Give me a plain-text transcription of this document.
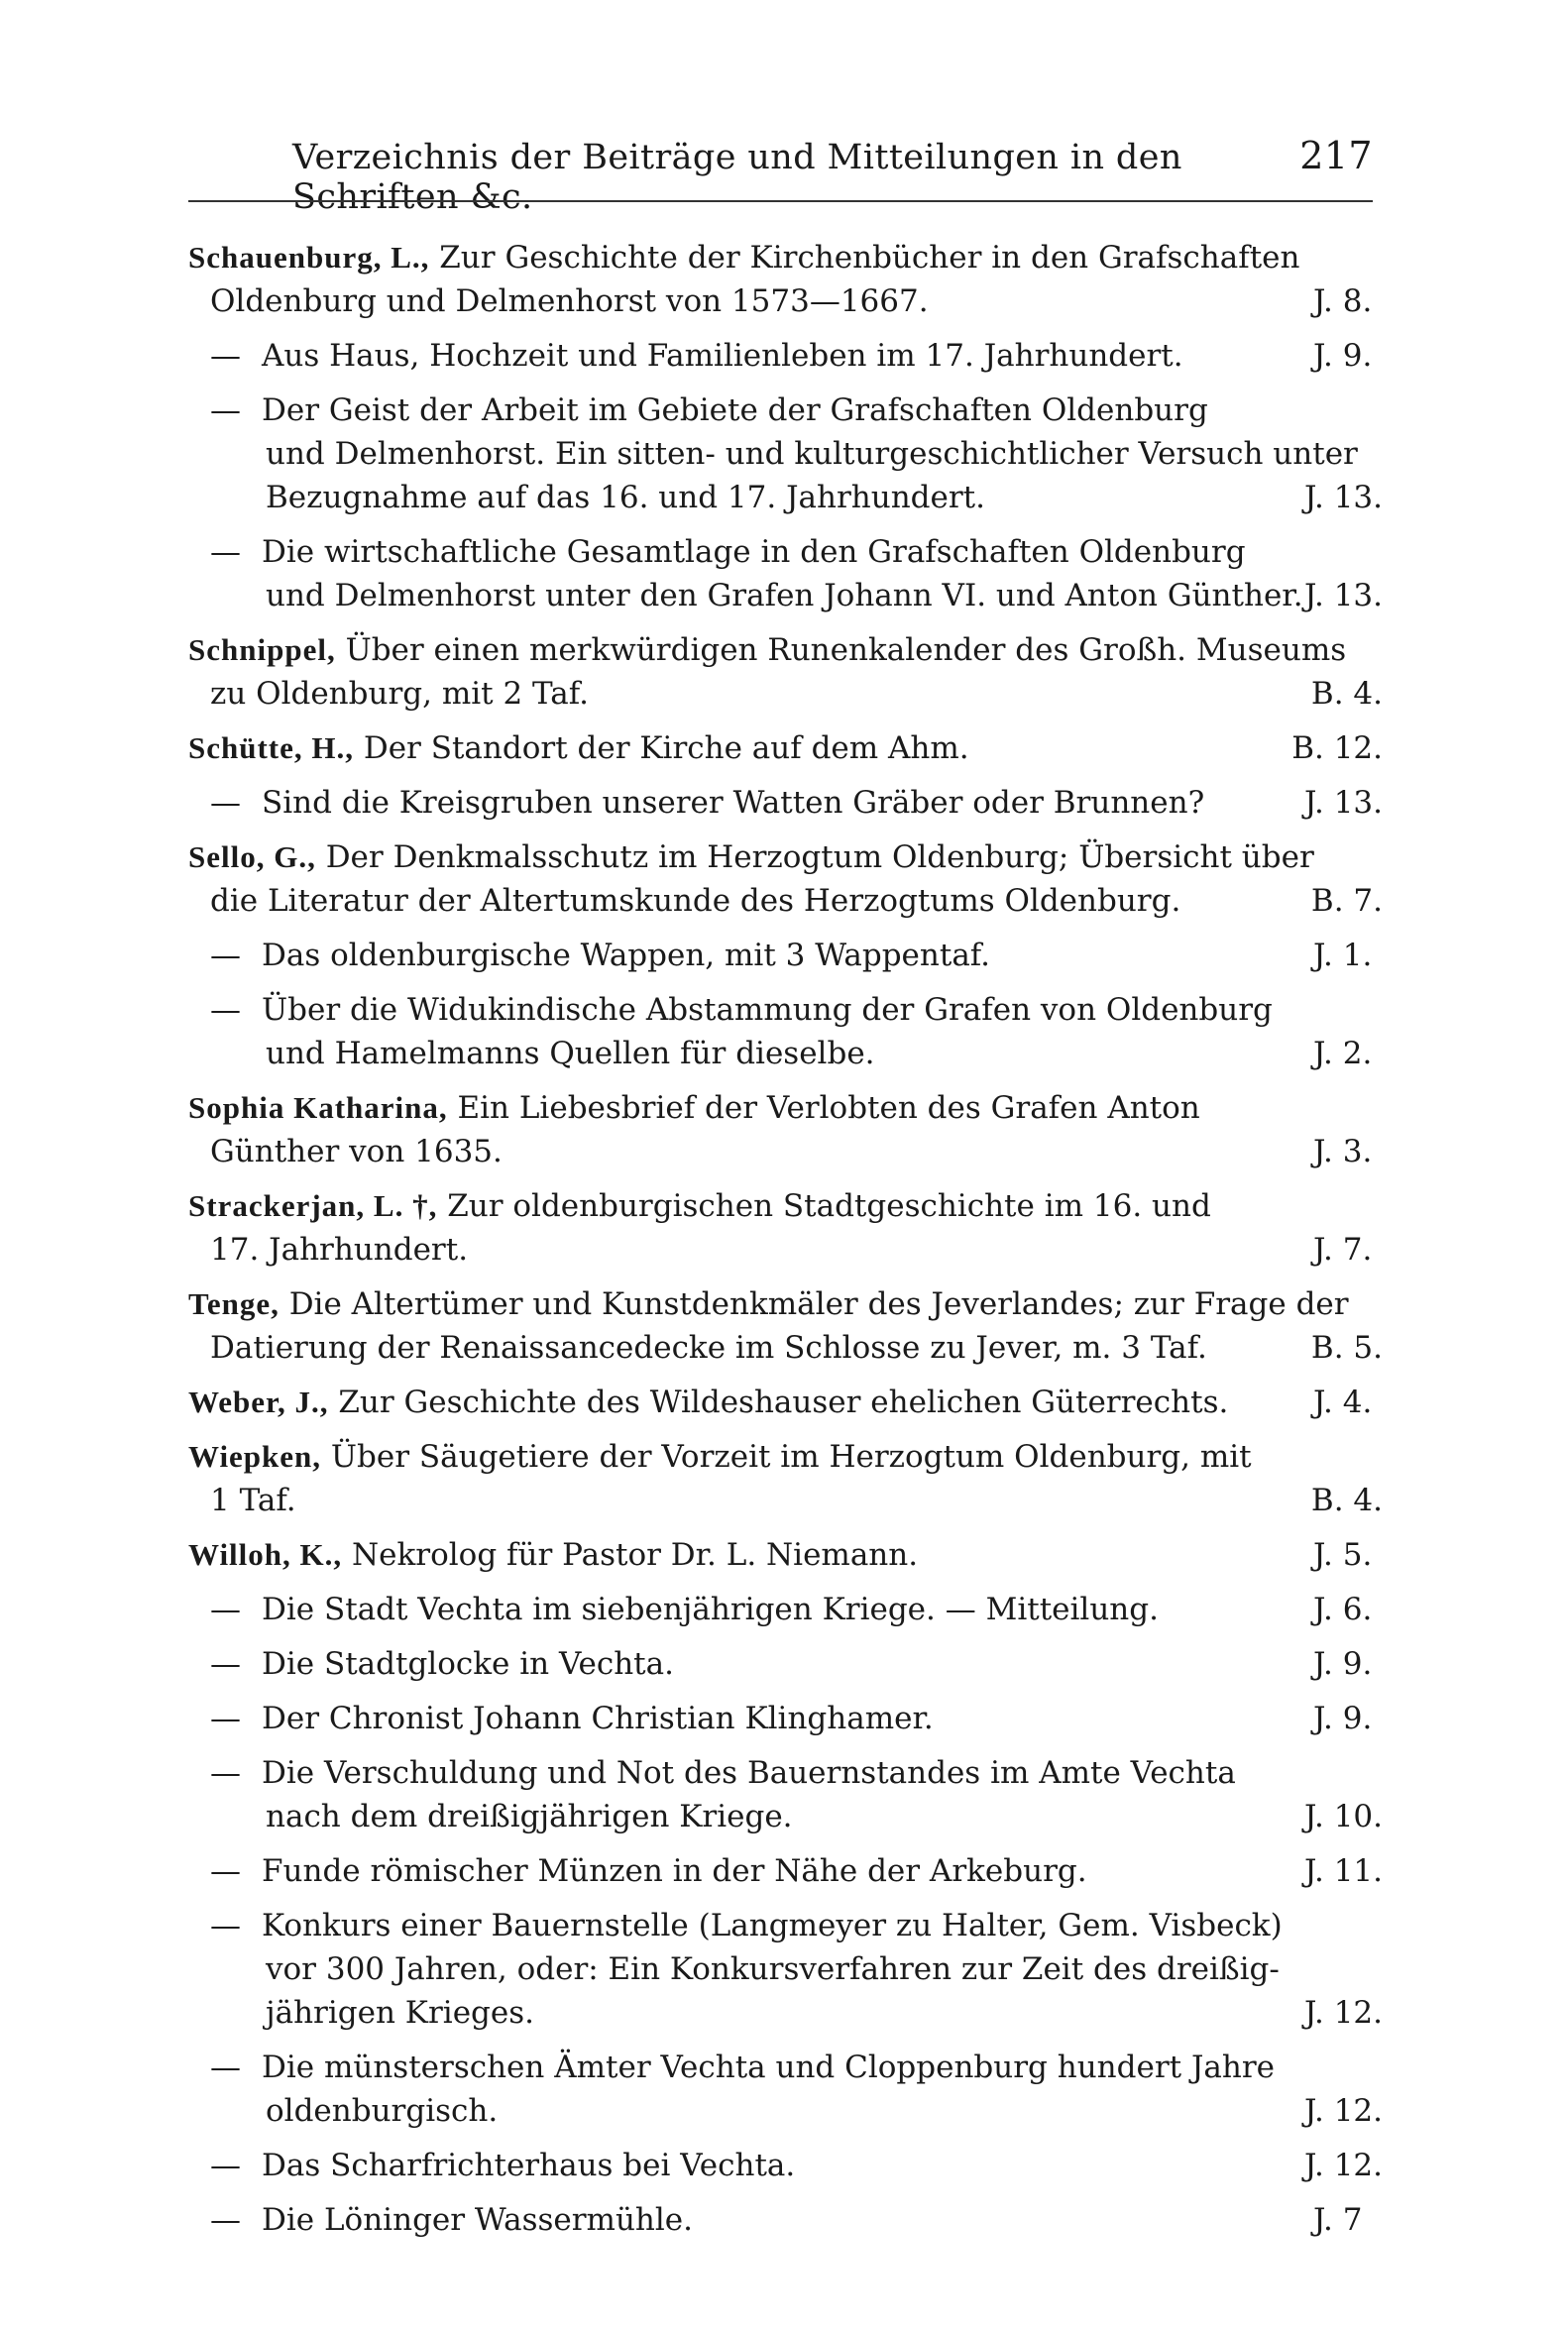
Verzeichnis der Beiträge und Mitteilungen in den Schriften &c.
217
Schauenburg, L., Zur Geschichte der Kirchenbücher in den Grafschaften
Oldenburg und Delmenhorst von 1573—1667.	J. 8.
— Aus Haus, Hochzeit und Familienleben im 17. Jahrhundert.	J. 9.
— Der Geist der Arbeit im Gebiete der Grafschaften Oldenburg
und Delmenhorst. Ein sitten- und kulturgeschichtlicher Versuch unter
Bezugnahme auf das 16. und 17. Jahrhundert.	J. 13.
— Die wirtschaftliche Gesamtlage in den Grafschaften Oldenburg
und Delmenhorst unter den Grafen Johann VI. und Anton Günther. J. 13.
Schnippel, Über einen merkwürdigen Runenkalender des Großh. Museums
zu Oldenburg, mit 2 Taf.	B. 4.
Schütte, H., Der Standort der Kirche auf dem Ahm.	B. 12.
— Sind die Kreisgruben unserer Watten Gräber oder Brunnen?	J. 13.
Sello, G., Der Denkmalsschutz im Herzogtum Oldenburg; Übersicht über
die Literatur der Altertumskunde des Herzogtums Oldenburg.	B. 7.
— Das oldenburgische Wappen, mit 3 Wappentaf.	J. 1.
— Über die Widukindische Abstammung der Grafen von Oldenburg
und Hamelmanns Quellen für dieselbe.	J. 2.
Sophia Katharina, Ein Liebesbrief der Verlobten des Grafen Anton
Günther von 1635.	J. 3.
Strackerjan, L. †, Zur oldenburgischen Stadtgeschichte im 16. und
17. Jahrhundert.	J. 7.
Tenge, Die Altertümer und Kunstdenkmäler des Jeverlandes; zur Frage der
Datierung der Renaissancedecke im Schlosse zu Jever, m. 3 Taf.	B. 5.
Weber, J., Zur Geschichte des Wildeshauser ehelichen Güterrechts.	J. 4.
Wiepken, Über Säugetiere der Vorzeit im Herzogtum Oldenburg, mit
1 Taf.	B. 4.
Willoh, K., Nekrolog für Pastor Dr. L. Niemann.	J. 5.
— Die Stadt Vechta im siebenjährigen Kriege. — Mitteilung.	J. 6.
— Die Stadtglocke in Vechta.	J. 9.
— Der Chronist Johann Christian Klinghamer.	J. 9.
— Die Verschuldung und Not des Bauernstandes im Amte Vechta
nach dem dreißigjährigen Kriege.	J. 10.
— Funde römischer Münzen in der Nähe der Arkeburg.	J. 11.
— Konkurs einer Bauernstelle (Langmeyer zu Halter, Gem. Visbeck)
vor 300 Jahren, oder: Ein Konkursverfahren zur Zeit des dreißig-
jährigen Krieges.	J. 12.
— Die münsterschen Ämter Vechta und Cloppenburg hundert Jahre
oldenburgisch.	J. 12.
— Das Scharfrichterhaus bei Vechta.	J. 12.
— Die Löninger Wassermühle.	J. 7
